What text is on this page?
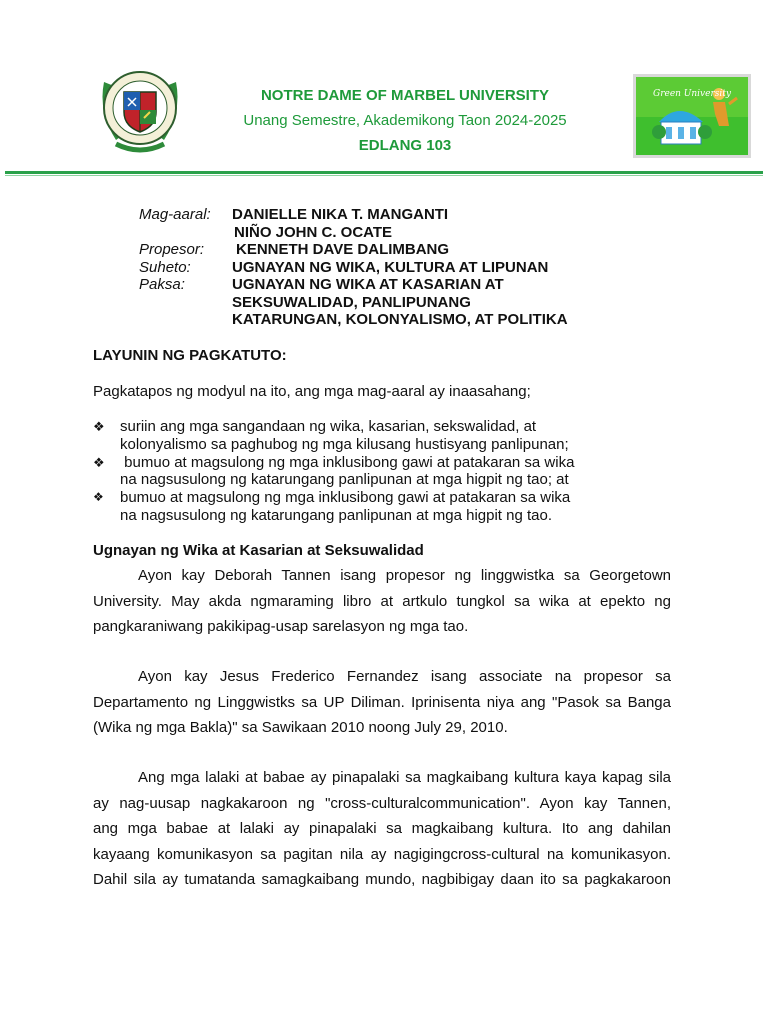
NOTRE DAME OF MARBEL UNIVERSITY
Unang Semestre, Akademikong Taon 2024-2025
EDLANG 103
Green University
Mag-aaral:	DANIELLE NIKA T. MANGANTI
NIÑO JOHN C. OCATE
Propesor:	KENNETH DAVE DALIMBANG
Suheto:	UGNAYAN NG WIKA, KULTURA AT LIPUNAN
Paksa:	UGNAYAN NG WIKA AT KASARIAN AT
SEKSUWALIDAD, PANLIPUNANG
KATARUNGAN, KOLONYALISMO, AT POLITIKA
LAYUNIN NG PAGKATUTO:
Pagkatapos ng modyul na ito, ang mga mag-aaral ay inaasahang;
❖	suriin ang mga sangandaan ng wika, kasarian, sekswalidad, at
kolonyalismo sa paghubog ng mga kilusang hustisyang panlipunan;
❖	bumuo at magsulong ng mga inklusibong gawi at patakaran sa wika
na nagsusulong ng katarungang panlipunan at mga higpit ng tao; at
❖	bumuo at magsulong ng mga inklusibong gawi at patakaran sa wika
na nagsusulong ng katarungang panlipunan at mga higpit ng tao.
Ugnayan ng Wika at Kasarian at Seksuwalidad
Ayon kay Deborah Tannen isang propesor ng linggwistka sa Georgetown
University. May akda ngmaraming libro at artkulo tungkol sa wika at epekto ng
pangkaraniwang pakikipag-usap sarelasyon ng mga tao.
Ayon kay Jesus Frederico Fernandez isang associate na propesor sa
Departamento ng Linggwistks sa UP Diliman. Iprinisenta niya ang "Pasok sa Banga
(Wika ng mga Bakla)" sa Sawikaan 2010 noong July 29, 2010.
Ang mga lalaki at babae ay pinapalaki sa magkaibang kultura kaya kapag sila
ay nag-uusap nagkakaroon ng "cross-culturalcommunication". Ayon kay Tannen,
ang mga babae at lalaki ay pinapalaki sa magkaibang kultura. Ito ang dahilan
kayaang komunikasyon sa pagitan nila ay nagigingcross-cultural na komunikasyon.
Dahil sila ay tumatanda samagkaibang mundo, nagbibigay daan ito sa pagkakaroon
